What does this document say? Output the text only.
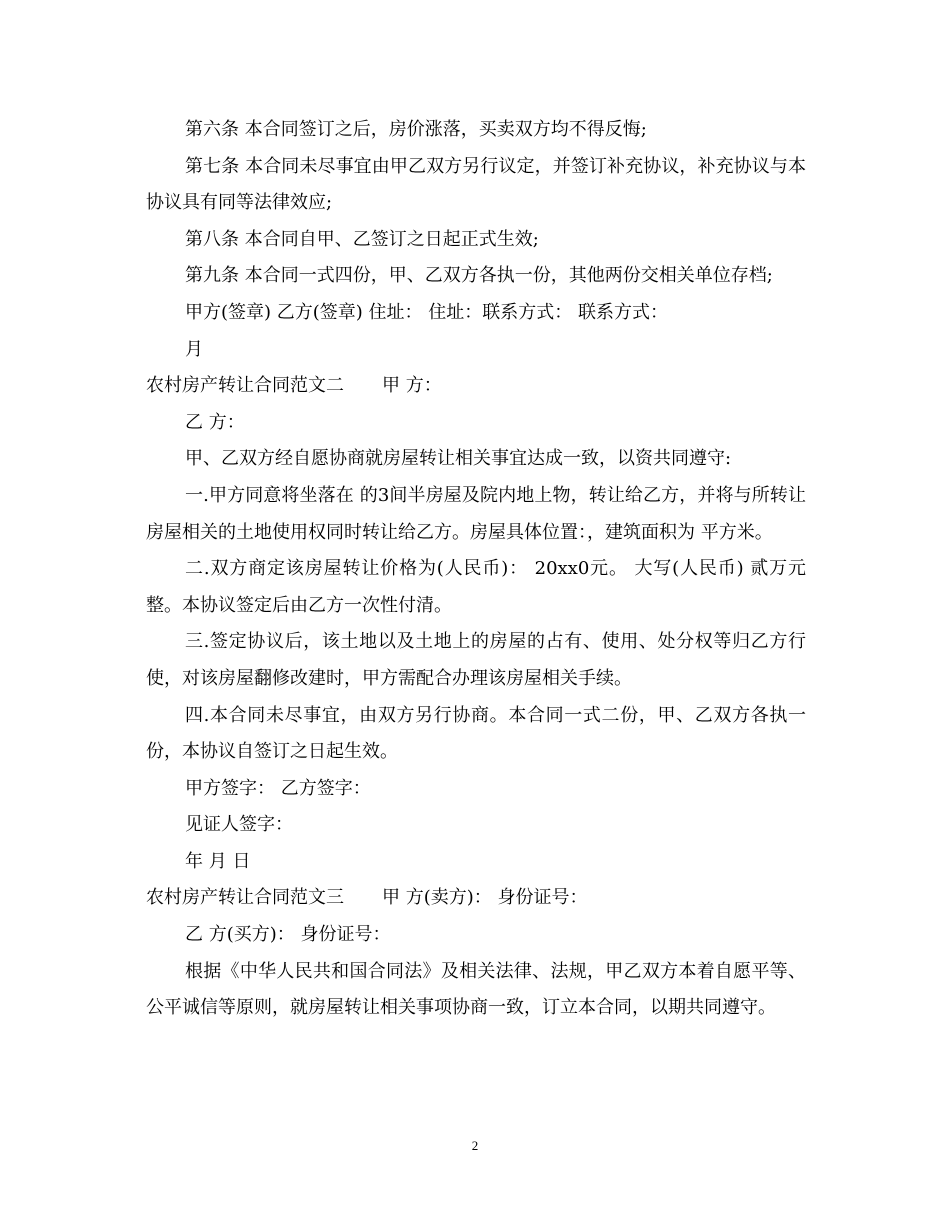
第六条 本合同签订之后，房价涨落，买卖双方均不得反悔;

第七条 本合同未尽事宜由甲乙双方另行议定，并签订补充协议，补充协议与本协议具有同等法律效应;

第八条 本合同自甲、乙签订之日起正式生效;

第九条 本合同一式四份，甲、乙双方各执一份，其他两份交相关单位存档;

甲方(签章) 乙方(签章) 住址： 住址：联系方式： 联系方式：

月

农村房产转让合同范文二 甲 方：

乙 方：

甲、乙双方经自愿协商就房屋转让相关事宜达成一致，以资共同遵守:

一.甲方同意将坐落在 的3间半房屋及院内地上物，转让给乙方，并将与所转让房屋相关的土地使用权同时转让给乙方。房屋具体位置：，建筑面积为 平方米。

二.双方商定该房屋转让价格为(人民币)： 20xx0元。 大写(人民币) 贰万元整。本协议签定后由乙方一次性付清。

三.签定协议后，该土地以及土地上的房屋的占有、使用、处分权等归乙方行使，对该房屋翻修改建时，甲方需配合办理该房屋相关手续。

四.本合同未尽事宜，由双方另行协商。本合同一式二份，甲、乙双方各执一份，本协议自签订之日起生效。

甲方签字： 乙方签字：

见证人签字：

年 月 日

农村房产转让合同范文三 甲 方(卖方)： 身份证号：

乙 方(买方)： 身份证号：

根据《中华人民共和国合同法》及相关法律、法规，甲乙双方本着自愿平等、公平诚信等原则，就房屋转让相关事项协商一致，订立本合同，以期共同遵守。

2
